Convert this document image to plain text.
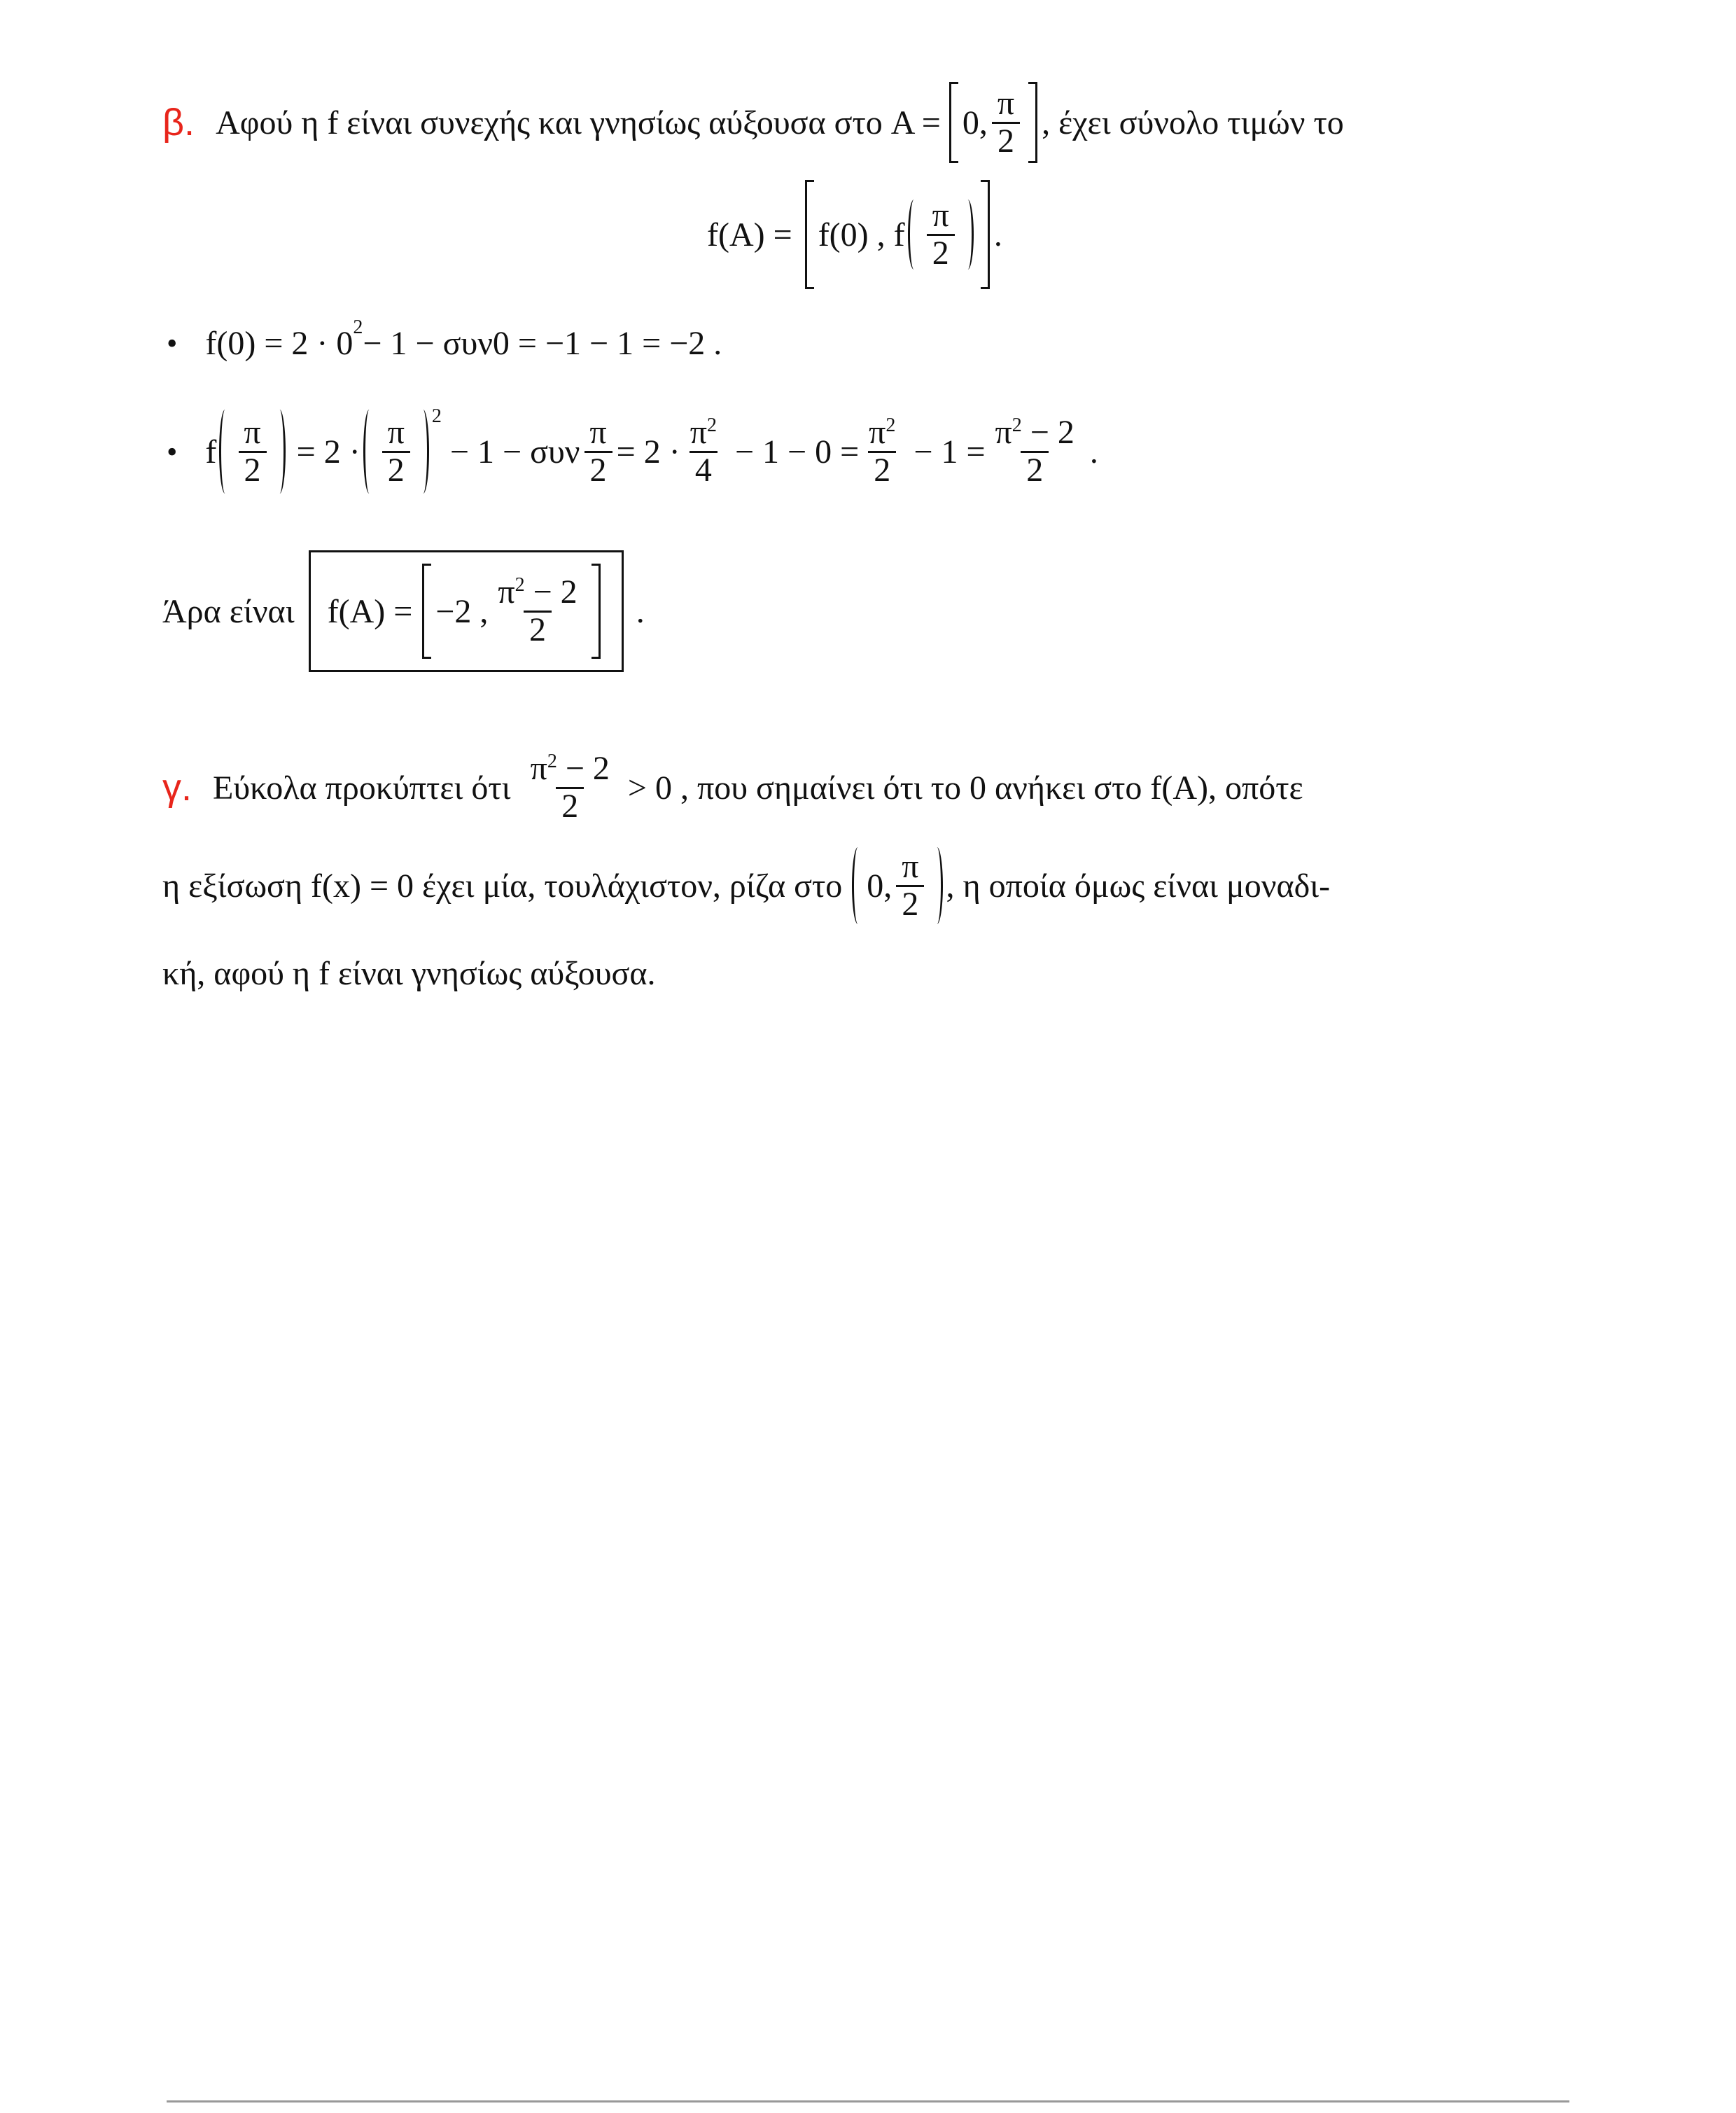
β. Αφού η f είναι συνεχής και γνησίως αύξουσα στο A = 0, $\frac{\pi}{2}$ , έχει σύνολο τιμών το
f(A) = f(0) , f $\frac{\pi}{2}$ .
• f(0) = 2 · 0 2 − 1 − συν0 = −1 − 1 = −2 .
• f $\frac{\pi}{2} = 2 \cdot \frac{\pi}{2} 2$
− 1 − συν $\frac{\pi}{2} = 2 \cdot \frac{\pi^2}{4} - 1 - 0 = \frac{\pi^2}{2} - 1 = \frac{\pi^2 - 2}{2}$ .
Άρα είναι f(A) = −2 , $\frac{\pi^2 - 2}{2}$ .
γ. Εύκολα προκύπτει ότι $\frac{\pi^2 - 2}{2} > 0$ , που σημαίνει ότι το 0 ανήκει στο f(A), οπότε
η εξίσωση f(x) = 0 έχει μία, τουλάχιστον, ρίζα στο 0, $\frac{\pi}{2}$ , η οποία όμως είναι μοναδι-
κή, αφού η f είναι γνησίως αύξουσα.
